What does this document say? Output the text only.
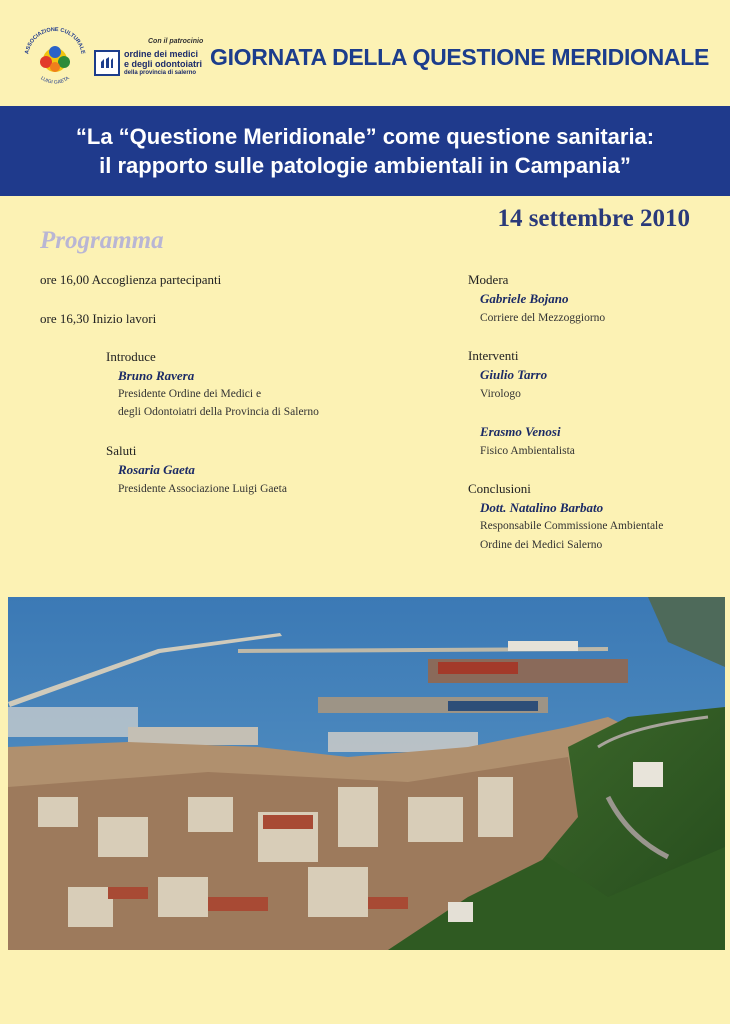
ASSOCIAZIONE CULTURALE
LUIGI GAETA
Con il patrocinio
ordine dei medici
e degli odontoiatri
della provincia di salerno
GIORNATA DELLA QUESTIONE MERIDIONALE
“La “Questione Meridionale” come questione sanitaria:
il rapporto sulle patologie ambientali in Campania”
14 settembre 2010
Programma
ore 16,00 Accoglienza partecipanti
ore 16,30 Inizio lavori
Introduce
Bruno Ravera
Presidente Ordine dei Medici e
degli Odontoiatri della Provincia di Salerno
Saluti
Rosaria Gaeta
Presidente Associazione Luigi Gaeta
Modera
Gabriele Bojano
Corriere del Mezzoggiorno
Interventi
Giulio Tarro
Virologo
Erasmo Venosi
Fisico Ambientalista
Conclusioni
Dott. Natalino Barbato
Responsabile Commissione Ambientale
Ordine dei Medici Salerno
